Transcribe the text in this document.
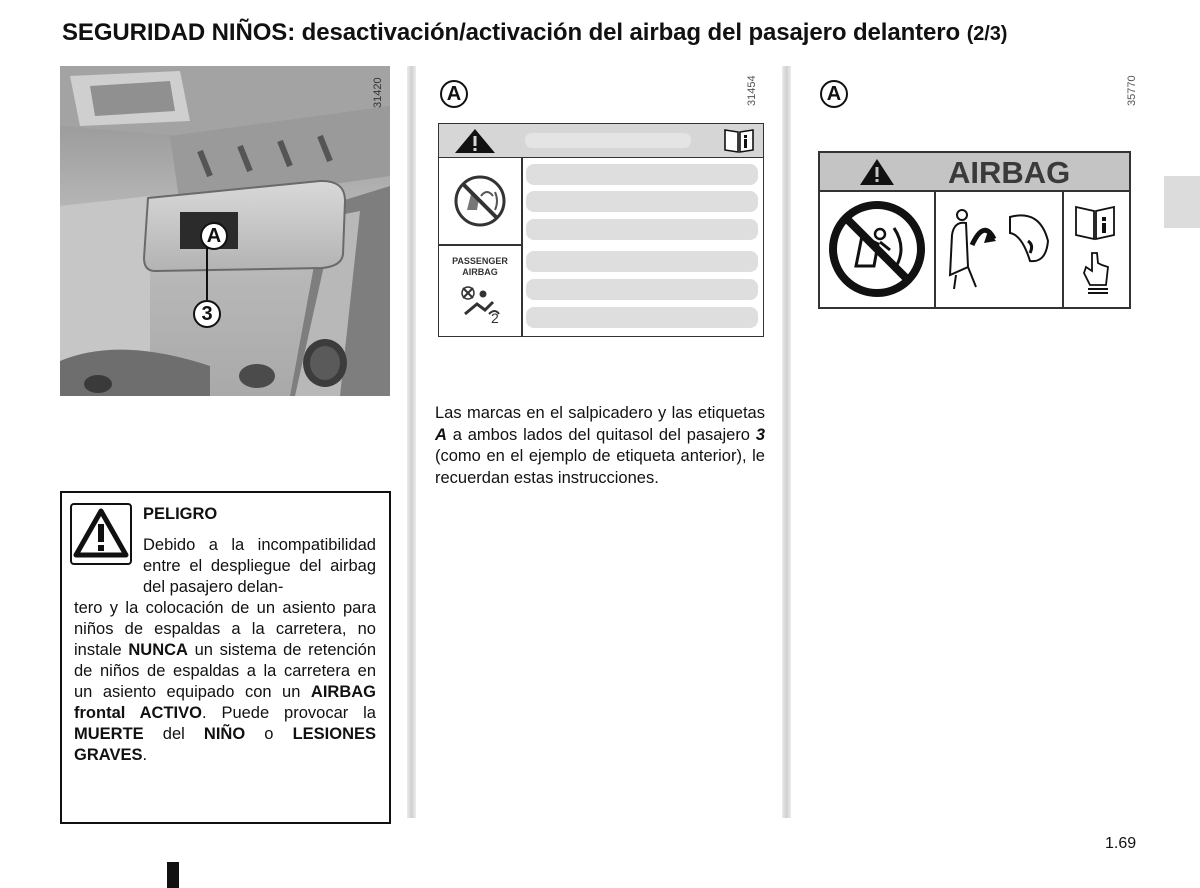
SEGURIDAD NIÑOS: desactivación/activación del airbag del pasajero delantero (2/3)
A
3
31420
PELIGRO
Debido a la incompatibilidad entre el despliegue del airbag del pasajero delan-
tero y la colocación de un asiento para niños de espaldas a la carretera, no instale NUNCA un sistema de retención de niños de espaldas a la carretera en un asiento equipado con un AIRBAG frontal ACTIVO. Puede provocar la MUERTE del NIÑO o LESIONES GRAVES.
A	31454
PASSENGER
AIRBAG
2
Las marcas en el salpicadero y las etiquetas A a ambos lados del quitasol del pasajero 3 (como en el ejemplo de etiqueta anterior), le recuerdan estas instrucciones.
A	35770
AIRBAG
1.69
